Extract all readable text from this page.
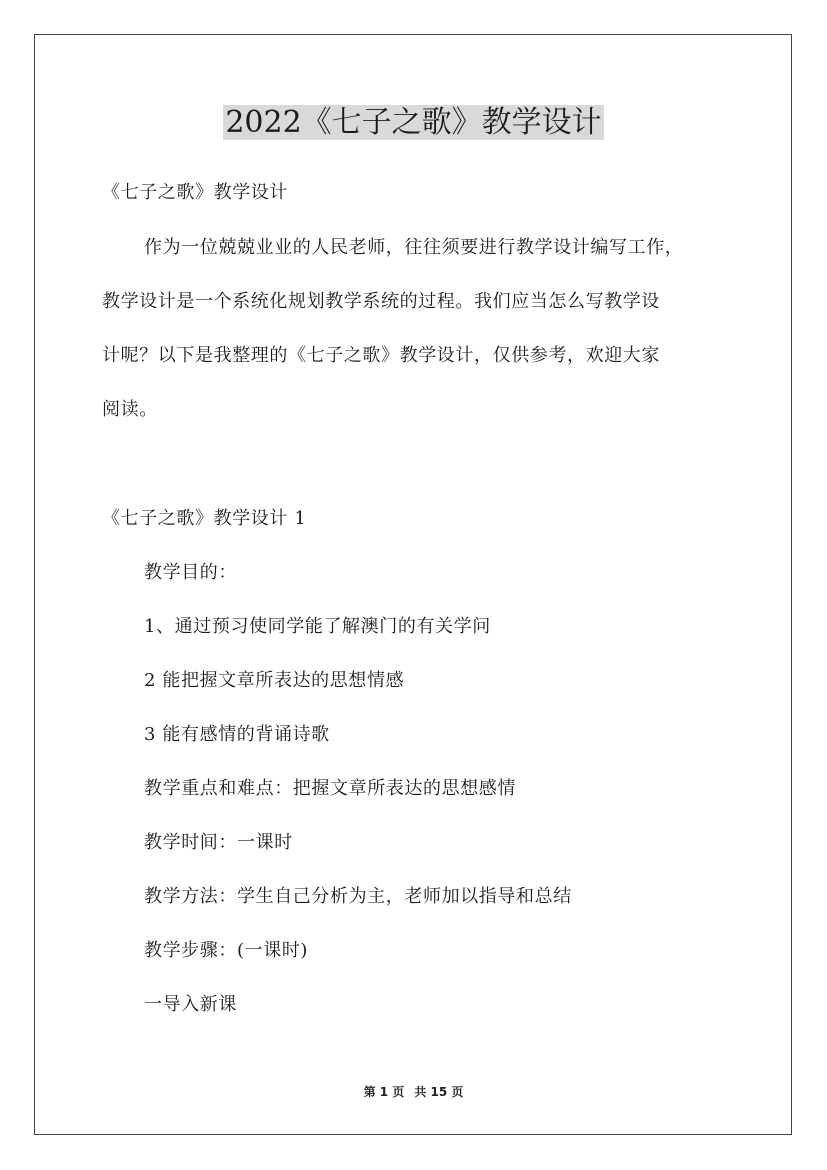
2022《七子之歌》教学设计
《七子之歌》教学设计
作为一位兢兢业业的人民老师，往往须要进行教学设计编写工作，
教学设计是一个系统化规划教学系统的过程。我们应当怎么写教学设
计呢？以下是我整理的《七子之歌》教学设计，仅供参考，欢迎大家
阅读。
《七子之歌》教学设计 1
教学目的：
1、通过预习使同学能了解澳门的有关学问
2 能把握文章所表达的思想情感
3 能有感情的背诵诗歌
教学重点和难点：把握文章所表达的思想感情
教学时间：一课时
教学方法：学生自己分析为主，老师加以指导和总结
教学步骤：(一课时)
一导入新课
第 1 页 共 15 页
